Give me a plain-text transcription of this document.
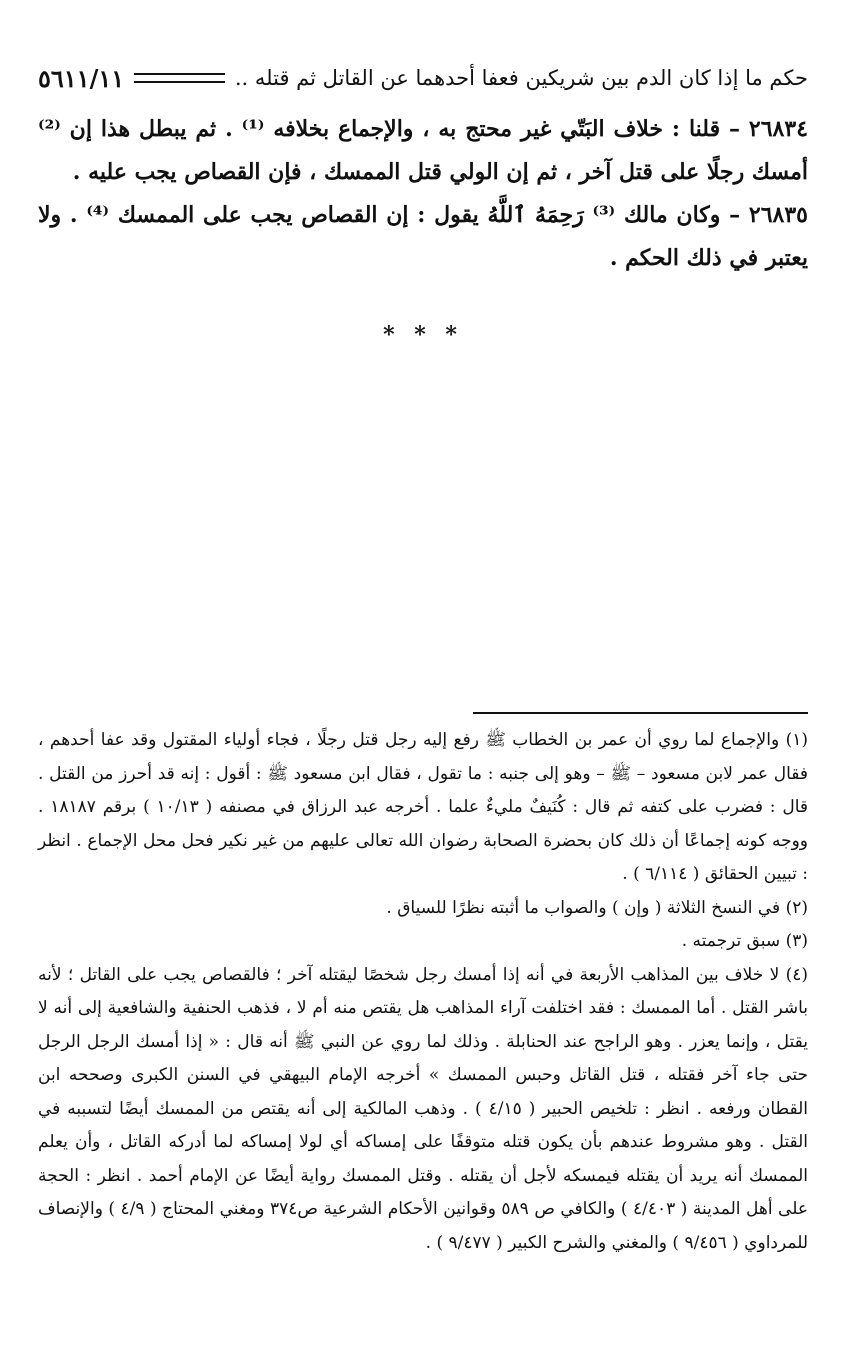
حكم ما إذا كان الدم بين شريكين فعفا أحدهما عن القاتل ثم قتله ..
٥٦١١/١١

٢٦٨٣٤ – قلنا : خلاف البَتّي غير محتج به ، والإجماع بخلافه ⁽¹⁾ . ثم يبطل هذا إن ⁽²⁾ أمسك رجلًا على قتل آخر ، ثم إن الولي قتل الممسك ، فإن القصاص يجب عليه .

٢٦٨٣٥ – وكان مالك ⁽³⁾ رَحِمَهُ ٱللَّهُ يقول : إن القصاص يجب على الممسك ⁽⁴⁾ . ولا يعتبر في ذلك الحكم .

* * *

(١) والإجماع لما روي أن عمر بن الخطاب ﷺ رفع إليه رجل قتل رجلًا ، فجاء أولياء المقتول وقد عفا أحدهم ، فقال عمر لابن مسعود – ﷺ – وهو إلى جنبه : ما تقول ، فقال ابن مسعود ﷺ : أقول : إنه قد أحرز من القتل . قال : فضرب على كتفه ثم قال : كُنَيفٌ مليءٌ علما . أخرجه عبد الرزاق في مصنفه ( ١٠/١٣ ) برقم ١٨١٨٧ . ووجه كونه إجماعًا أن ذلك كان بحضرة الصحابة رضوان الله تعالى عليهم من غير نكير فحل محل الإجماع . انظر : تبيين الحقائق ( ٦/١١٤ ) .

(٢) في النسخ الثلاثة ( وإن ) والصواب ما أثبته نظرًا للسياق .

(٣) سبق ترجمته .

(٤) لا خلاف بين المذاهب الأربعة في أنه إذا أمسك رجل شخصًا ليقتله آخر ؛ فالقصاص يجب على القاتل ؛ لأنه باشر القتل . أما الممسك : فقد اختلفت آراء المذاهب هل يقتص منه أم لا ، فذهب الحنفية والشافعية إلى أنه لا يقتل ، وإنما يعزر . وهو الراجح عند الحنابلة . وذلك لما روي عن النبي ﷺ أنه قال : « إذا أمسك الرجل الرجل حتى جاء آخر فقتله ، قتل القاتل وحبس الممسك » أخرجه الإمام البيهقي في السنن الكبرى وصححه ابن القطان ورفعه . انظر : تلخيص الحبير ( ٤/١٥ ) . وذهب المالكية إلى أنه يقتص من الممسك أيضًا لتسببه في القتل . وهو مشروط عندهم بأن يكون قتله متوقفًا على إمساكه أي لولا إمساكه لما أدركه القاتل ، وأن يعلم الممسك أنه يريد أن يقتله فيمسكه لأجل أن يقتله . وقتل الممسك رواية أيضًا عن الإمام أحمد . انظر : الحجة على أهل المدينة ( ٤/٤٠٣ ) والكافي ص ٥٨٩ وقوانين الأحكام الشرعية ص٣٧٤ ومغني المحتاج ( ٤/٩ ) والإنصاف للمرداوي ( ٩/٤٥٦ ) والمغني والشرح الكبير ( ٩/٤٧٧ ) .
